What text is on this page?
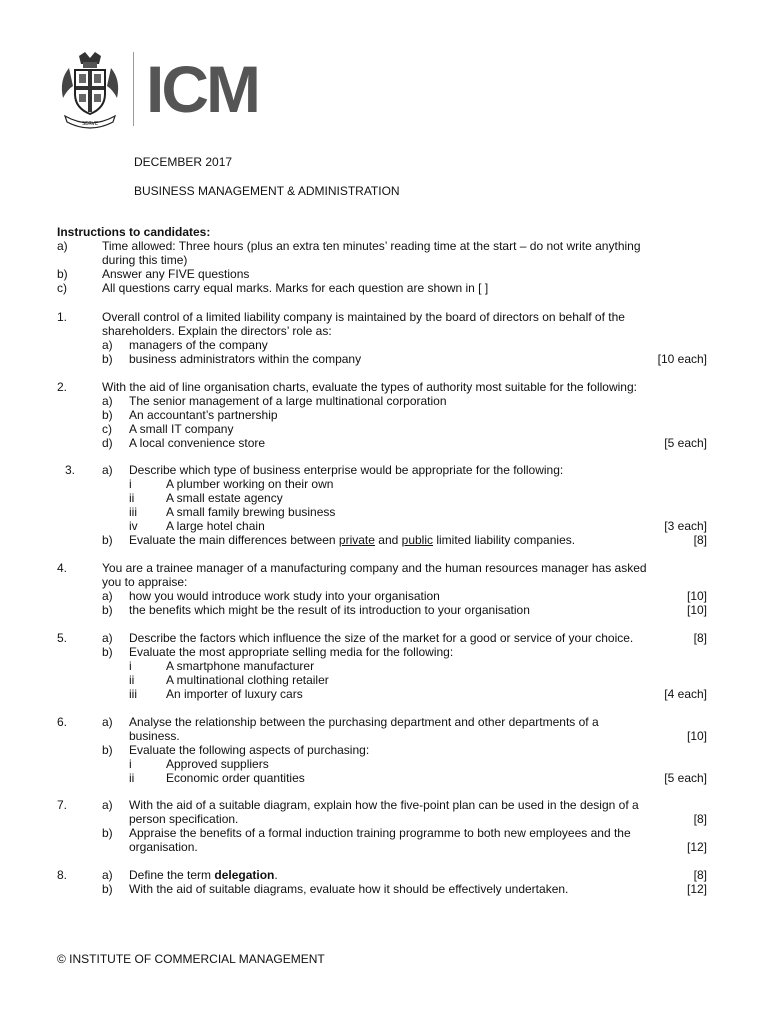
SERVE ICM
DECEMBER 2017
BUSINESS MANAGEMENT & ADMINISTRATION
Instructions to candidates:
a)	Time allowed: Three hours (plus an extra ten minutes’ reading time at the start – do not write anything
during this time)
b)	Answer any FIVE questions
c)	All questions carry equal marks. Marks for each question are shown in [ ]
1.	Overall control of a limited liability company is maintained by the board of directors on behalf of the
shareholders. Explain the directors’ role as:
a) managers of the company
b) business administrators within the company	[10 each]
2.	With the aid of line organisation charts, evaluate the types of authority most suitable for the following:
a) The senior management of a large multinational corporation
b) An accountant’s partnership
c) A small IT company
d) A local convenience store	[5 each]
3. a) Describe which type of business enterprise would be appropriate for the following:
i	A plumber working on their own
ii	A small estate agency
iii A small family brewing business
iv A large hotel chain	[3 each]
b) Evaluate the main differences between private and public limited liability companies.	[8]
4.	You are a trainee manager of a manufacturing company and the human resources manager has asked
you to appraise:
a) how you would introduce work study into your organisation	[10]
b) the benefits which might be the result of its introduction to your organisation	[10]
5.	a) Describe the factors which influence the size of the market for a good or service of your choice.	[8]
b) Evaluate the most appropriate selling media for the following:
i	A smartphone manufacturer
ii	A multinational clothing retailer
iii An importer of luxury cars	[4 each]
6.	a) Analyse the relationship between the purchasing department and other departments of a
business.	[10]
b) Evaluate the following aspects of purchasing:
i	Approved suppliers
ii	Economic order quantities	[5 each]
7.	a) With the aid of a suitable diagram, explain how the five-point plan can be used in the design of a
person specification.	[8]
b) Appraise the benefits of a formal induction training programme to both new employees and the
organisation.	[12]
8.	a) Define the term delegation.	[8]
b) With the aid of suitable diagrams, evaluate how it should be effectively undertaken.	[12]
© INSTITUTE OF COMMERCIAL MANAGEMENT
